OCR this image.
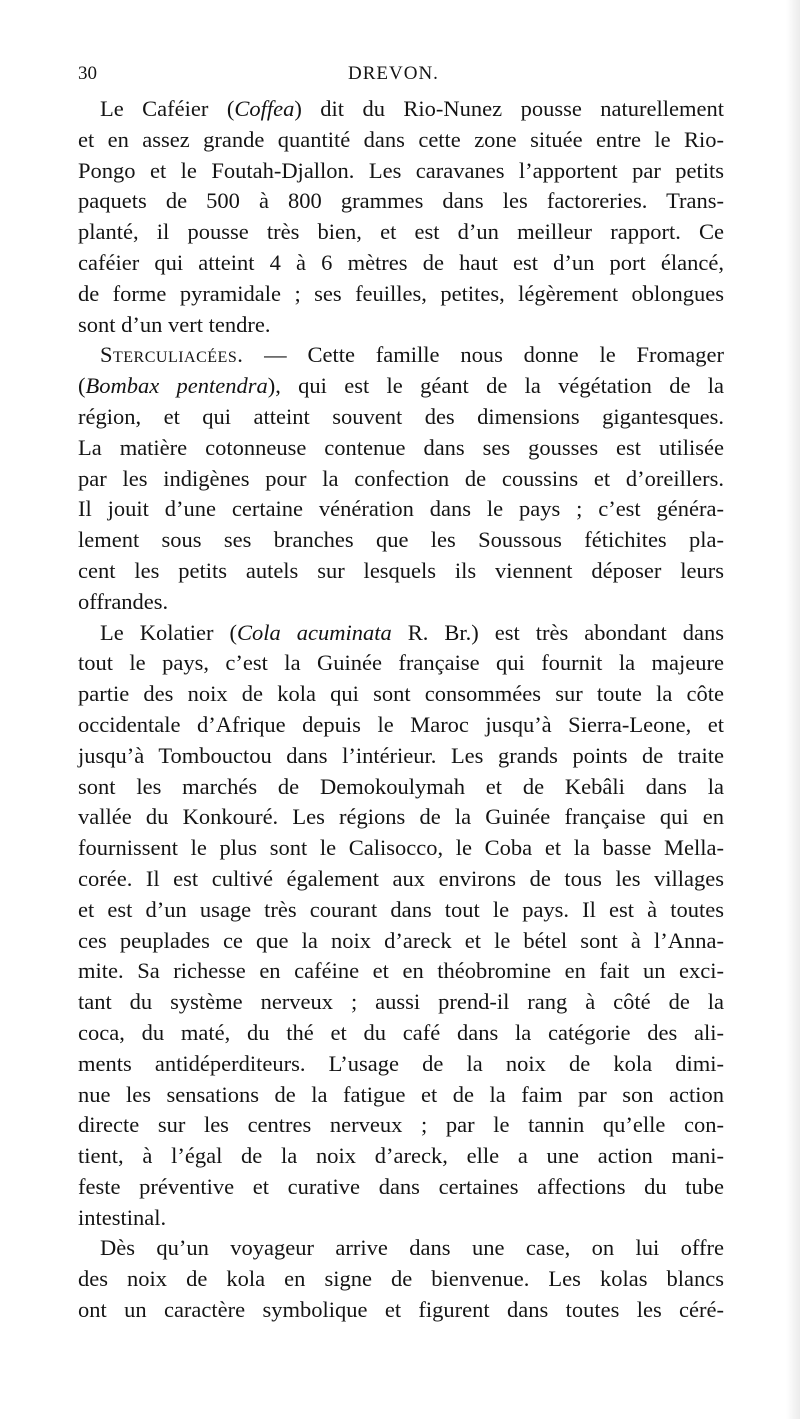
30	DREVON.
Le Caféier (Coffea) dit du Rio-Nunez pousse naturellement
et en assez grande quantité dans cette zone située entre le Rio-
Pongo et le Foutah-Djallon. Les caravanes l’apportent par petits
paquets de 500 à 800 grammes dans les factoreries. Trans-
planté, il pousse très bien, et est d’un meilleur rapport. Ce
caféier qui atteint 4 à 6 mètres de haut est d’un port élancé,
de forme pyramidale ; ses feuilles, petites, légèrement oblongues
sont d’un vert tendre.
Sterculiacées. — Cette famille nous donne le Fromager
(Bombax pentendra), qui est le géant de la végétation de la
région, et qui atteint souvent des dimensions gigantesques.
La matière cotonneuse contenue dans ses gousses est utilisée
par les indigènes pour la confection de coussins et d’oreillers.
Il jouit d’une certaine vénération dans le pays ; c’est généra-
lement sous ses branches que les Soussous fétichites pla-
cent les petits autels sur lesquels ils viennent déposer leurs
offrandes.
Le Kolatier (Cola acuminata R. Br.) est très abondant dans
tout le pays, c’est la Guinée française qui fournit la majeure
partie des noix de kola qui sont consommées sur toute la côte
occidentale d’Afrique depuis le Maroc jusqu’à Sierra-Leone, et
jusqu’à Tombouctou dans l’intérieur. Les grands points de traite
sont les marchés de Demokoulymah et de Kebâli dans la
vallée du Konkouré. Les régions de la Guinée française qui en
fournissent le plus sont le Calisocco, le Coba et la basse Mella-
corée. Il est cultivé également aux environs de tous les villages
et est d’un usage très courant dans tout le pays. Il est à toutes
ces peuplades ce que la noix d’areck et le bétel sont à l’Anna-
mite. Sa richesse en caféine et en théobromine en fait un exci-
tant du système nerveux ; aussi prend-il rang à côté de la
coca, du maté, du thé et du café dans la catégorie des ali-
ments antidéperditeurs. L’usage de la noix de kola dimi-
nue les sensations de la fatigue et de la faim par son action
directe sur les centres nerveux ; par le tannin qu’elle con-
tient, à l’égal de la noix d’areck, elle a une action mani-
feste préventive et curative dans certaines affections du tube
intestinal.
Dès qu’un voyageur arrive dans une case, on lui offre
des noix de kola en signe de bienvenue. Les kolas blancs
ont un caractère symbolique et figurent dans toutes les céré-
